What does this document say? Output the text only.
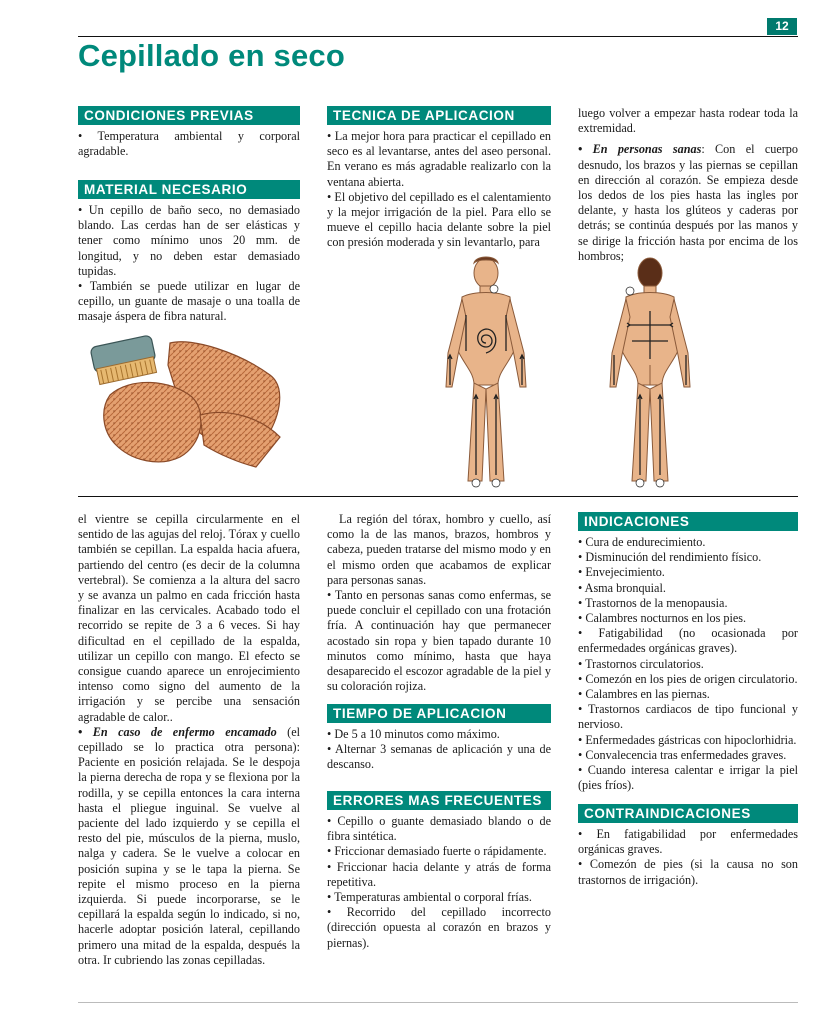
12
Cepillado en seco
CONDICIONES PREVIAS

• Temperatura ambiental y corporal agradable.

MATERIAL NECESARIO

• Un cepillo de baño seco, no demasiado blando. Las cerdas han de ser elásticas y tener como mínimo unos 20 mm. de longitud, y no deben estar demasiado tupidas.

• También se puede utilizar en lugar de cepillo, un guante de masaje o una toalla de masaje áspera de fibra natural.

TECNICA DE APLICACION

• La mejor hora para practicar el cepillado en seco es al levantarse, antes del aseo personal. En verano es más agradable realizarlo con la ventana abierta.

• El objetivo del cepillado es el calentamiento y la mejor irrigación de la piel. Para ello se mueve el cepillo hacia delante sobre la piel con presión moderada y sin levantarlo, para

luego volver a empezar hasta rodear toda la extremidad.

• En personas sanas: Con el cuerpo desnudo, los brazos y las piernas se cepillan en dirección al corazón. Se empieza desde los dedos de los pies hasta las ingles por delante, y hasta los glúteos y caderas por detrás; se continúa después por las manos y se dirige la fricción hasta por encima de los hombros;

el vientre se cepilla circularmente en el sentido de las agujas del reloj. Tórax y cuello también se cepillan. La espalda hacia afuera, partiendo del centro (es decir de la columna vertebral). Se comienza a la altura del sacro y se avanza un palmo en cada fricción hasta finalizar en las cervicales. Acabado todo el recorrido se repite de 3 a 6 veces. Si hay dificultad en el cepillado de la espalda, utilizar un cepillo con mango. El efecto se consigue cuando aparece un enrojecimiento intenso como signo del aumento de la irrigación y se percibe una sensación agradable de calor..

• En caso de enfermo encamado (el cepillado se lo practica otra persona): Paciente en posición relajada. Se le despoja la pierna derecha de ropa y se flexiona por la rodilla, y se cepilla entonces la cara interna hasta el pliegue inguinal. Se vuelve al paciente del lado izquierdo y se cepilla el resto del pie, músculos de la pierna, muslo, nalga y cadera. Se le vuelve a colocar en posición supina y se le tapa la pierna. Se repite el mismo proceso en la pierna izquierda. Si puede incorporarse, se le cepillará la espalda según lo indicado, si no, hacerle adoptar posición lateral, cepillando primero una mitad de la espalda, después la otra. Ir cubriendo las zonas cepilladas.

La región del tórax, hombro y cuello, así como la de las manos, brazos, hombros y cabeza, pueden tratarse del mismo modo y en el mismo orden que acabamos de explicar para personas sanas.

• Tanto en personas sanas como enfermas, se puede concluir el cepillado con una frotación fría. A continuación hay que permanecer acostado sin ropa y bien tapado durante 10 minutos como mínimo, hasta que haya desaparecido el escozor agradable de la piel y su coloración rojiza.

TIEMPO DE APLICACION

• De 5 a 10 minutos como máximo.

• Alternar 3 semanas de aplicación y una de descanso.

ERRORES MAS FRECUENTES

• Cepillo o guante demasiado blando o de fibra sintética.

• Friccionar demasiado fuerte o rápidamente.

• Friccionar hacia delante y atrás de forma repetitiva.

• Temperaturas ambiental o corporal frías.

• Recorrido del cepillado incorrecto (dirección opuesta al corazón en brazos y piernas).

INDICACIONES

• Cura de endurecimiento.

• Disminución del rendimiento físico.

• Envejecimiento.

• Asma bronquial.

• Trastornos de la menopausia.

• Calambres nocturnos en los pies.

• Fatigabilidad (no ocasionada por enfermedades orgánicas graves).

• Trastornos circulatorios.

• Comezón en los pies de origen circulatorio.

• Calambres en las piernas.

• Trastornos cardiacos de tipo funcional y nervioso.

• Enfermedades gástricas con hipoclorhidria.

• Convalecencia tras enfermedades graves.

• Cuando interesa calentar e irrigar la piel (pies fríos).

CONTRAINDICACIONES

• En fatigabilidad por enfermedades orgánicas graves.

• Comezón de pies (si la causa no son trastornos de irrigación).
